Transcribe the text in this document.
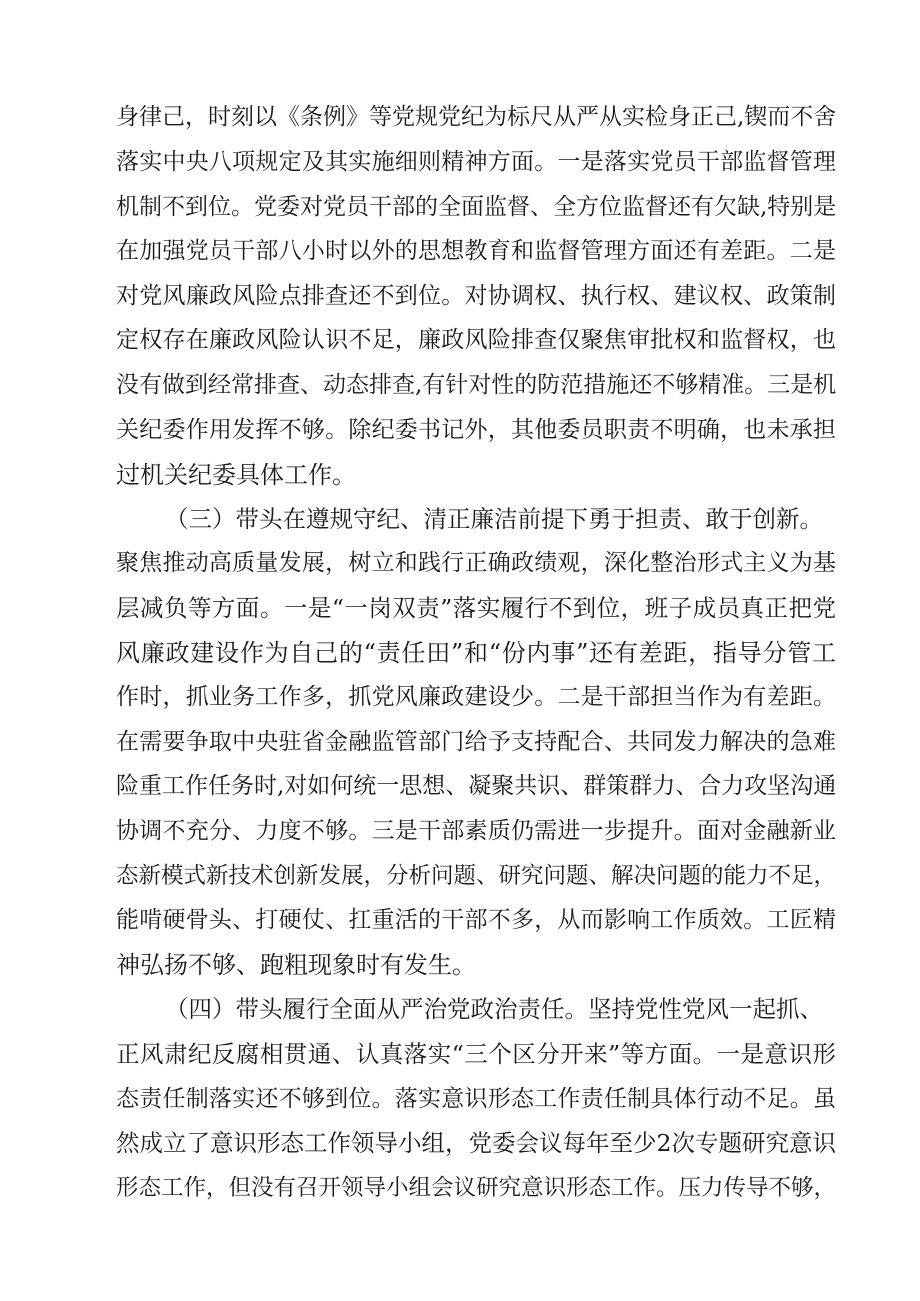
身律己，时刻以《条例》等党规党纪为标尺从严从实检身正己,锲而不舍
落实中央八项规定及其实施细则精神方面。一是落实党员干部监督管理
机制不到位。党委对党员干部的全面监督、全方位监督还有欠缺,特别是
在加强党员干部八小时以外的思想教育和监督管理方面还有差距。二是
对党风廉政风险点排查还不到位。对协调权、执行权、建议权、政策制
定权存在廉政风险认识不足，廉政风险排查仅聚焦审批权和监督权，也
没有做到经常排查、动态排查,有针对性的防范措施还不够精准。三是机
关纪委作用发挥不够。除纪委书记外，其他委员职责不明确，也未承担
过机关纪委具体工作。
（三）带头在遵规守纪、清正廉洁前提下勇于担责、敢于创新。
聚焦推动高质量发展，树立和践行正确政绩观，深化整治形式主义为基
层减负等方面。一是“一岗双责”落实履行不到位，班子成员真正把党
风廉政建设作为自己的“责任田”和“份内事”还有差距，指导分管工
作时，抓业务工作多，抓党风廉政建设少。二是干部担当作为有差距。
在需要争取中央驻省金融监管部门给予支持配合、共同发力解决的急难
险重工作任务时,对如何统一思想、凝聚共识、群策群力、合力攻坚沟通
协调不充分、力度不够。三是干部素质仍需进一步提升。面对金融新业
态新模式新技术创新发展，分析问题、研究问题、解决问题的能力不足，
能啃硬骨头、打硬仗、扛重活的干部不多，从而影响工作质效。工匠精
神弘扬不够、跑粗现象时有发生。
（四）带头履行全面从严治党政治责任。坚持党性党风一起抓、
正风肃纪反腐相贯通、认真落实“三个区分开来”等方面。一是意识形
态责任制落实还不够到位。落实意识形态工作责任制具体行动不足。虽
然成立了意识形态工作领导小组，党委会议每年至少2次专题研究意识
形态工作，但没有召开领导小组会议研究意识形态工作。压力传导不够，
